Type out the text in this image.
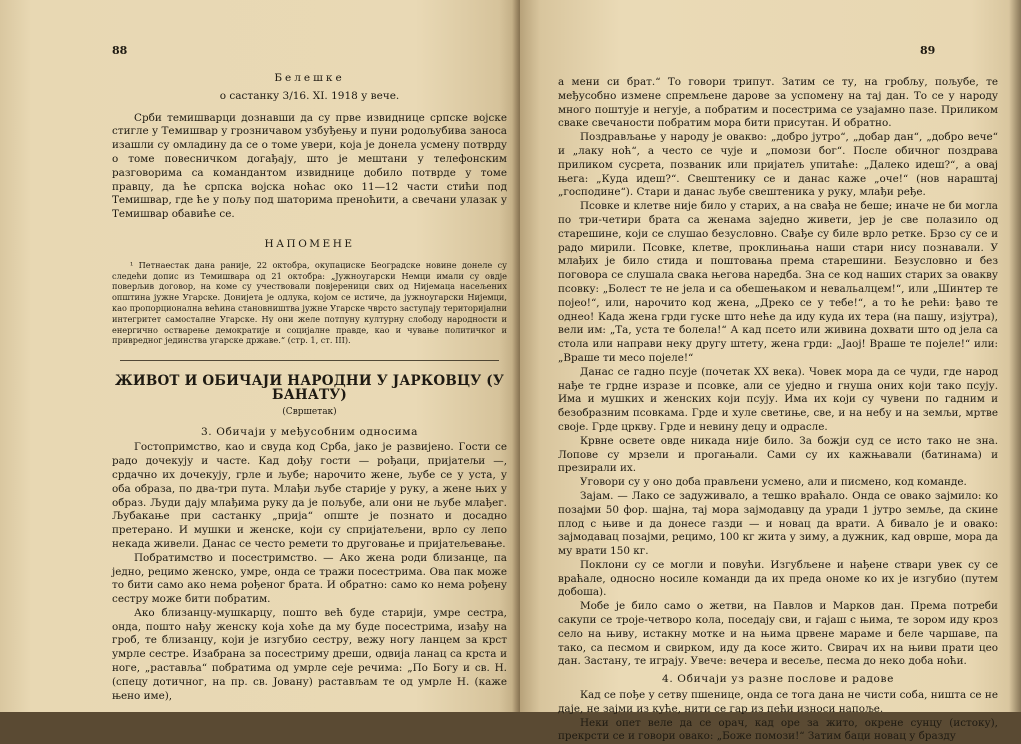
88

Белешке

о састанку 3/16. XI. 1918 у вече.

Срби темишварци дознавши да су прве извиднице српске војске стигле у Темишвар у грозничавом узбуђењу и пуни родољубива заноса изашли су омладину да се о томе увери, која је донела усмену потврду о томе повесничком догађају, што је мештани у телефонским разговорима са командантом извиднице добило потврде у томе правцу, да ће српска војска ноћас око 11—12 части стићи под Темишвар, где ће у пољу под шаторима преноћити, а свечани улазак у Темишвар обавиће се.

НАПОМЕНЕ

¹ Петнаестак дана раније, 22 октобра, окупациске Београдске новине донеле су следећи допис из Темишвара од 21 октобра: „Јужноугарски Немци имали су овдје поверљив договор, на коме су учествовали повјереници свих од Нијемаца насељених општина јужне Угарске. Донијета је одлука, којом се истиче, да јужноугарски Нијемци, као пропорционална већина становништва јужне Угарске чврсто заступају територијални интегритет самосталне Угарске. Ну они желе потпуну културну слободу народности и енергично остварење демократије и социјалне правде, као и чување политичког и привредног јединства угарске државе.“ (стр. 1, ст. III).

ЖИВОТ И ОБИЧАЈИ НАРОДНИ У ЈАРКОВЦУ (У БАНАТУ)

(Свршетак)

3. Обичаји у међусобним односима

Гостопримство, као и свуда код Срба, јако је развијено. Гости се радо дочекују и часте. Кад дођу гости — рођаци, пријатељи —, срдачно их дочекују, грле и љубе; нарочито жене, љубе се у уста, у оба образа, по два-три пута. Млађи љубе старије у руку, а жене њих у образ. Људи дају млађима руку да је пољубе, али они не љубе млађег. Љубакање при састанку „прија“ опште је познато и досадно претерано. И мушки и женске, који су спријатељени, врло су лепо некада живели. Данас се често ремети то друговање и пријатељевање.

Побратимство и посестримство. — Ако жена роди близанце, па једно, рецимо женско, умре, онда се тражи посестрима. Ова пак може то бити само ако нема рођеног брата. И обратно: само ко нема рођену сестру може бити побратим.

Ако близанцу-мушкарцу, пошто већ буде старији, умре сестра, онда, пошто нађу женску која хоће да му буде посестрима, изађу на гроб, те близанцу, који је изгубио сестру, вежу ногу ланцем за крст умрле сестре. Изабрана за посестриму дреши, одвија ланац са крста и ноге, „раставља“ побратима од умрле сеје речима: „По Богу и св. Н. (спецу дотичног, на пр. св. Јовану) растављам те од умрле Н. (каже њено име),

89

а мени си брат.“ То говори трипут. Затим се ту, на гробљу, пољубе, те међусобно измене спремљене дарове за успомену на тај дан. То се у народу много поштује и негује, а побратим и посестрима се узајамно пазе. Приликом сваке свечаности побратим мора бити присутан. И обратно.

Поздрављање у народу је овакво: „добро јутро“, „добар дан“, „добро вече“ и „лаку ноћ“, а често се чује и „помози бог“. После обичног поздрава приликом сусрета, позваник или пријатељ упитаће: „Далеко идеш?“, а овај њега: „Куда идеш?“. Свештенику се и данас каже „оче!“ (нов нараштај „господине“). Стари и данас љубе свештеника у руку, млађи ређе.

Псовке и клетве није било у старих, а на свађа не беше; иначе не би могла по три-четири брата са женама заједно живети, јер је све полазило од старешине, који се слушао безусловно. Свађе су биле врло ретке. Брзо су се и радо мирили. Псовке, клетве, проклињања наши стари нису познавали. У млађих је било стида и поштовања према старешини. Безусловно и без поговора се слушала свака његова наредба. Зна се код наших старих за овакву псовку: „Болест те не јела и са обешењаком и невальалцем!“, или „Шинтер те појео!“, или, нарочито код жена, „Дреко се у тебе!“, а то ће рећи: ђаво те однео! Када жена грди гуске што неће да иду куда их тера (на пашу, изјутра), вели им: „Та, уста те болела!“ А кад псето или живина дохвати што од јела са стола или направи неку другу штету, жена грди: „Јаој! Враше те појеле!“ или: „Враше ти месо појеле!“

Данас се гадно псује (почетак XX века). Човек мора да се чуди, где народ нађе те грдне изразе и псовке, али се уједно и гнуша оних који тако псују. Има и мушких и женских који псују. Има их који су чувени по гадним и безобразним псовкама. Грде и хуле светиње, све, и на небу и на земљи, мртве своје. Грде цркву. Грде и невину децу и одрасле.

Крвне освете овде никада није било. За божји суд се исто тако не зна. Лопове су мрзели и прогањали. Сами су их кажњавали (батинама) и презирали их.

Уговори су у оно доба прављени усмено, али и писмено, код команде.

Зајам. — Лако се задуживало, а тешко враћало. Онда се овако зајмило: ко позајми 50 фор. шајна, тај мора зајмодавцу да уради 1 јутро земље, да скине плод с њиве и да донесе газди — и новац да врати. А бивало је и овако: зајмодавац позајми, рецимо, 100 кг жита у зиму, а дужник, кад оврше, мора да му врати 150 кг.

Поклони су се могли и повући. Изгубљене и нађене ствари увек су се враћале, односно носиле команди да их преда ономе ко их је изгубио (путем добоша).

Мобе је било само о жетви, на Павлов и Марков дан. Према потреби сакупи се троје-четворо кола, поседају сви, и гајаш с њима, те зором иду кроз село на њиву, истакну мотке и на њима црвене мараме и беле чаршаве, па тако, са песмом и свирком, иду да косе жито. Свирач их на њиви прати цео дан. Застану, те играју. Увече: вечера и весеље, песма до неко доба ноћи.

4. Обичаји уз разне послове и радове

Кад се пође у сетву пшенице, онда се тога дана не чисти соба, ништа се не даје, не зајми из куће, нити се гар из пећи износи напоље.

Неки опет веле да се орач, кад оре за жито, окрене сунцу (истоку), прекрсти се и говори овако: „Боже помози!“ Затим баци новац у бразду
